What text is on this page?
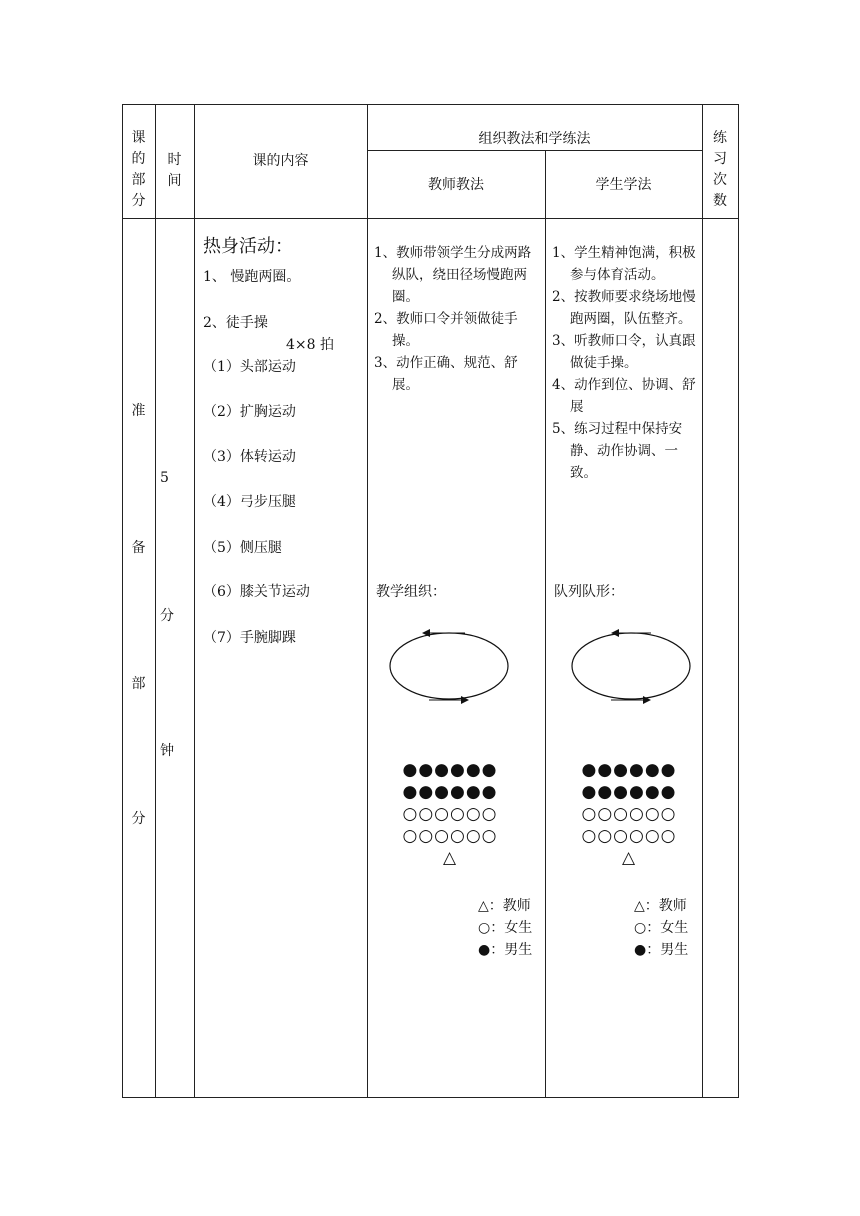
课
的
部
分
时
间
课的内容
组织教法和学练法
教师教法	学生学法
练
习
次
数
准
备
部
分
5
分
钟
热身活动：
1、 慢跑两圈。
2、徒手操
4×8 拍
（1）头部运动
（2）扩胸运动
（3）体转运动
（4）弓步压腿
（5）侧压腿
（6）膝关节运动
（7）手腕脚踝
1、教师带领学生分成两路纵队，绕田径场慢跑两圈。
2、教师口令并领做徒手操。
3、动作正确、规范、舒展。
教学组织：
●●●●●●
●●●●●●
○○○○○○
○○○○○○
△
△：教师
○：女生
●：男生
1、学生精神饱满，积极参与体育活动。
2、按教师要求绕场地慢跑两圈，队伍整齐。
3、听教师口令，认真跟做徒手操。
4、动作到位、协调、舒展
5、练习过程中保持安静、动作协调、一致。
队列队形：
●●●●●●
●●●●●●
○○○○○○
○○○○○○
△
△：教师
○：女生
●：男生
